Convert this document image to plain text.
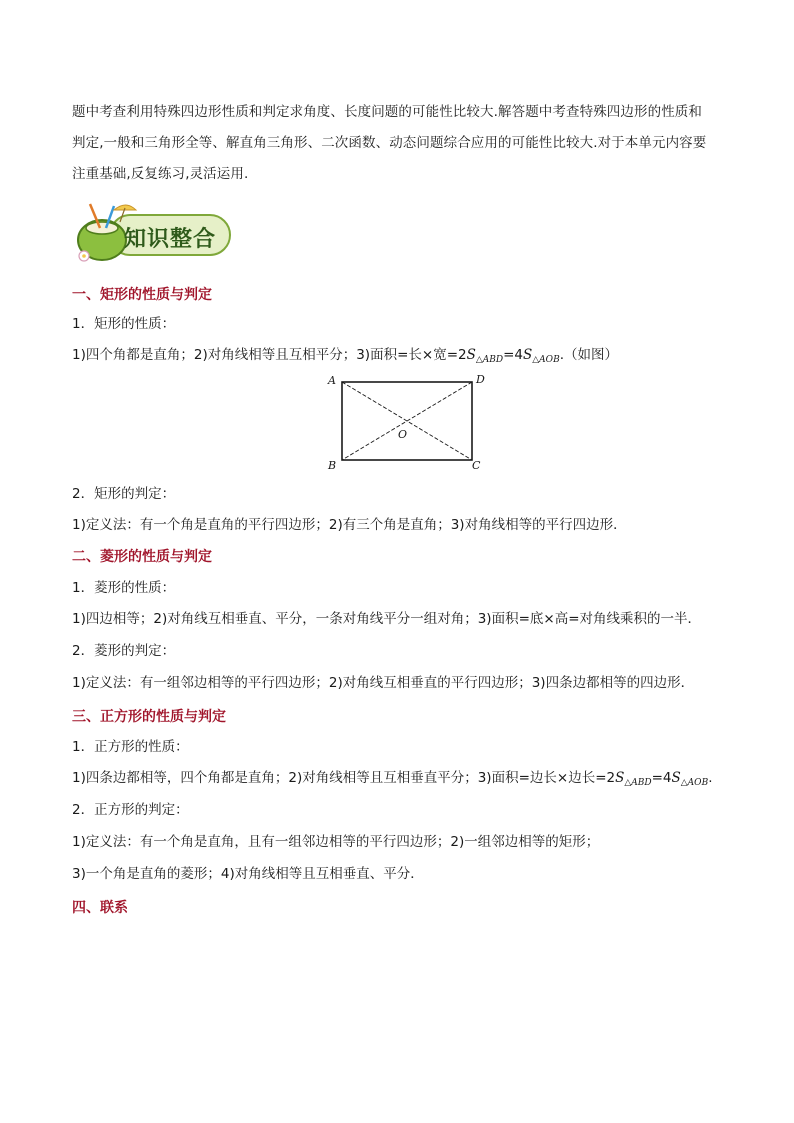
题中考查利用特殊四边形性质和判定求角度、长度问题的可能性比较大.解答题中考查特殊四边形的性质和
判定,一般和三角形全等、解直角三角形、二次函数、动态问题综合应用的可能性比较大.对于本单元内容要
注重基础,反复练习,灵活运用.
知识整合
一、矩形的性质与判定
1．矩形的性质：
1)四个角都是直角；2)对角线相等且互相平分；3)面积=长×宽$=2S_{\triangle ABD}=4S_{\triangle AOB}$.（如图）
A	D
O
B	C
2．矩形的判定：
1)定义法：有一个角是直角的平行四边形；2)有三个角是直角；3)对角线相等的平行四边形．
二、菱形的性质与判定
1．菱形的性质：
1)四边相等；2)对角线互相垂直、平分，一条对角线平分一组对角；3)面积=底×高=对角线乘积的一半．
2．菱形的判定：
1)定义法：有一组邻边相等的平行四边形；2)对角线互相垂直的平行四边形；3)四条边都相等的四边形．
三、正方形的性质与判定
1．正方形的性质：
1)四条边都相等，四个角都是直角；2)对角线相等且互相垂直平分；3)面积=边长×边长$=2S_{\triangle ABD}=4S_{\triangle AOB}$.
2．正方形的判定：
1)定义法：有一个角是直角，且有一组邻边相等的平行四边形；2)一组邻边相等的矩形；
3)一个角是直角的菱形；4)对角线相等且互相垂直、平分．
四、联系
